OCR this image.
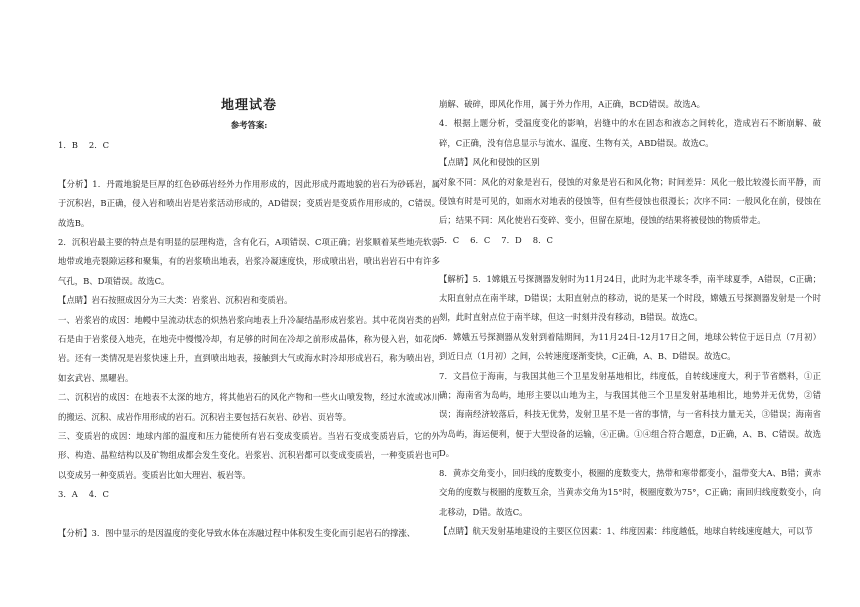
地理试卷
参考答案:

1．B　 2．C

【分析】1．丹霞地貌是巨厚的红色砂砾岩经外力作用形成的，因此形成丹霞地貌的岩石为砂砾岩，属于沉积岩，B正确，侵入岩和喷出岩是岩浆活动形成的，AD错误；变质岩是变质作用形成的，C错误。故选B。

2．沉积岩最主要的特点是有明显的层理构造，含有化石，A项错误、C项正确；岩浆顺着某些地壳软弱地带或地壳裂隙运移和聚集，有的岩浆喷出地表，岩浆冷凝速度快，形成喷出岩，喷出岩岩石中有许多气孔，B、D项错误。故选C。

【点睛】岩石按照成因分为三大类：岩浆岩、沉积岩和变质岩。

一、岩浆岩的成因：地幔中呈流动状态的炽热岩浆向地表上升冷凝结晶形成岩浆岩。其中花岗岩类的岩石是由于岩浆侵入地壳，在地壳中慢慢冷却，有足够的时间在冷却之前形成晶体，称为侵入岩，如花岗岩。还有一类情况是岩浆快速上升，直到喷出地表，接触到大气或海水时冷却形成岩石，称为喷出岩，如玄武岩、黑曜岩。

二、沉积岩的成因：在地表不太深的地方，将其他岩石的风化产物和一些火山喷发物，经过水流或冰川的搬运、沉积、成岩作用形成的岩石。沉积岩主要包括石灰岩、砂岩、页岩等。

三、变质岩的成因：地球内部的温度和压力能使所有岩石变成变质岩。当岩石变成变质岩后，它的外形、构造、晶粒结构以及矿物组成都会发生变化。岩浆岩、沉积岩都可以变成变质岩，一种变质岩也可以变成另一种变质岩。变质岩比如大理岩、板岩等。

3．A　 4．C

【分析】3．图中显示的是因温度的变化导致水体在冻融过程中体积发生变化而引起岩石的撑涨、

崩解、破碎，即风化作用，属于外力作用，A正确，BCD错误。故选A。

4．根据上题分析，受温度变化的影响，岩缝中的水在固态和液态之间转化，造成岩石不断崩解、破碎，C正确，没有信息显示与流水、温度、生物有关，ABD错误。故选C。

【点睛】风化和侵蚀的区别

对象不同：风化的对象是岩石，侵蚀的对象是岩石和风化物；时间差异：风化一般比较漫长而平静，而侵蚀有时是可见的，如雨水对地表的侵蚀等，但有些侵蚀也很漫长；次序不同：一般风化在前，侵蚀在后；结果不同：风化使岩石变碎、变小，但留在原地，侵蚀的结果将被侵蚀的物质带走。

5．C　 6．C　 7．D　 8．C

【解析】5．1嫦娥五号探测器发射时为11月24日，此时为北半球冬季，南半球夏季，A错误，C正确；太阳直射点在南半球，D错误；太阳直射点的移动，说的是某一个时段，嫦娥五号探测器发射是一个时刻，此时直射点位于南半球，但这一时刻并没有移动，B错误。故选C。

6．嫦娥五号探测器从发射到着陆期间，为11月24日-12月17日之间，地球公转位于远日点（7月初）到近日点（1月初）之间，公转速度逐渐变快，C正确，A、B、D错误。故选C。

7．文昌位于海南，与我国其他三个卫星发射基地相比，纬度低，自转线速度大，利于节省燃料，①正确；海南省为岛屿，地形主要以山地为主，与我国其他三个卫星发射基地相比，地势并无优势，②错误；海南经济较落后，科技无优势，发射卫星不是一省的事情，与一省科技力量无关，③错误；海南省为岛屿，海运便利，便于大型设备的运输，④正确。①④组合符合题意，D正确，A、B、C错误。故选D。

8．黄赤交角变小，回归线的度数变小，极圈的度数变大，热带和寒带都变小，温带变大A、B错；黄赤交角的度数与极圈的度数互余，当黄赤交角为15°时，极圈度数为75°，C正确；南回归线度数变小，向北移动，D错。故选C。

【点睛】航天发射基地建设的主要区位因素：1、纬度因素：纬度越低，地球自转线速度越大，可以节
